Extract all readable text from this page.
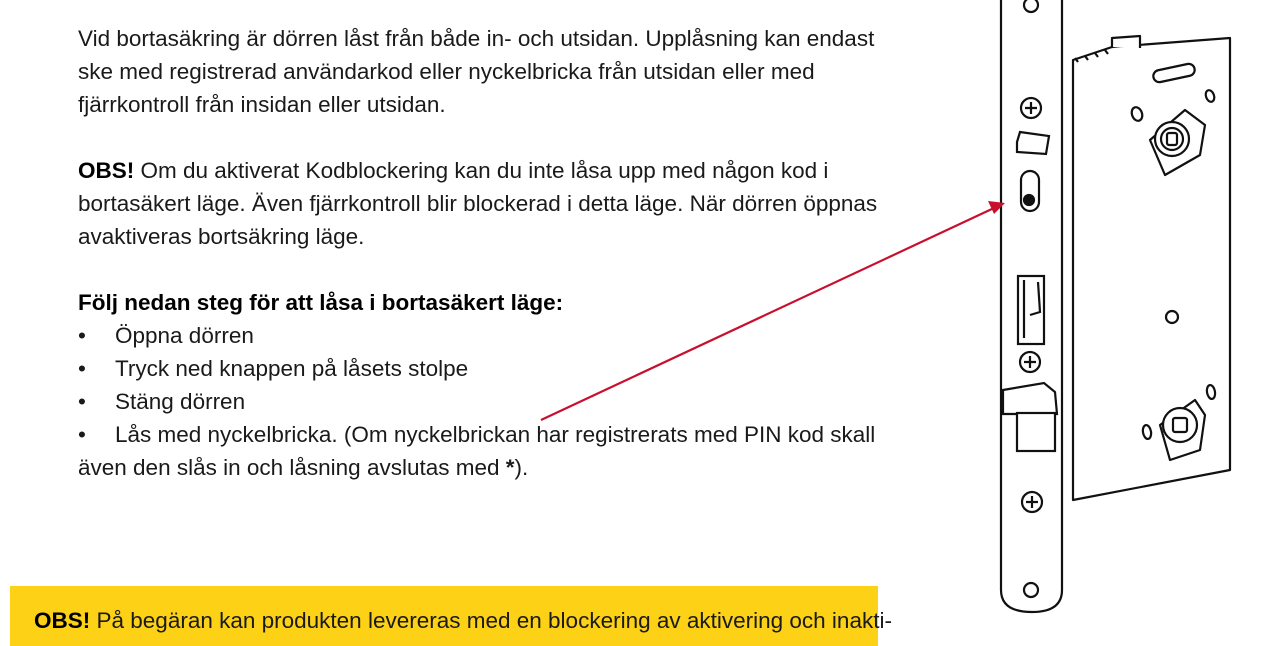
Vid bortasäkring är dörren låst från både in- och utsidan. Upplåsning kan endast ske med registrerad användarkod eller nyckelbricka från utsidan eller med fjärrkontroll från insidan eller utsidan.

OBS! Om du aktiverat Kodblockering kan du inte låsa upp med någon kod i bortasäkert läge. Även fjärrkontroll blir blockerad i detta läge. När dörren öppnas avaktiveras bortsäkring läge.

Följ nedan steg för att låsa i bortasäkert läge:

• Öppna dörren

• Tryck ned knappen på låsets stolpe

• Stäng dörren

• Lås med nyckelbricka. (Om nyckelbrickan har registrerats med PIN kod skall även den slås in och låsning avslutas med *).

OBS! På begäran kan produkten levereras med en blockering av aktivering och inakti-
